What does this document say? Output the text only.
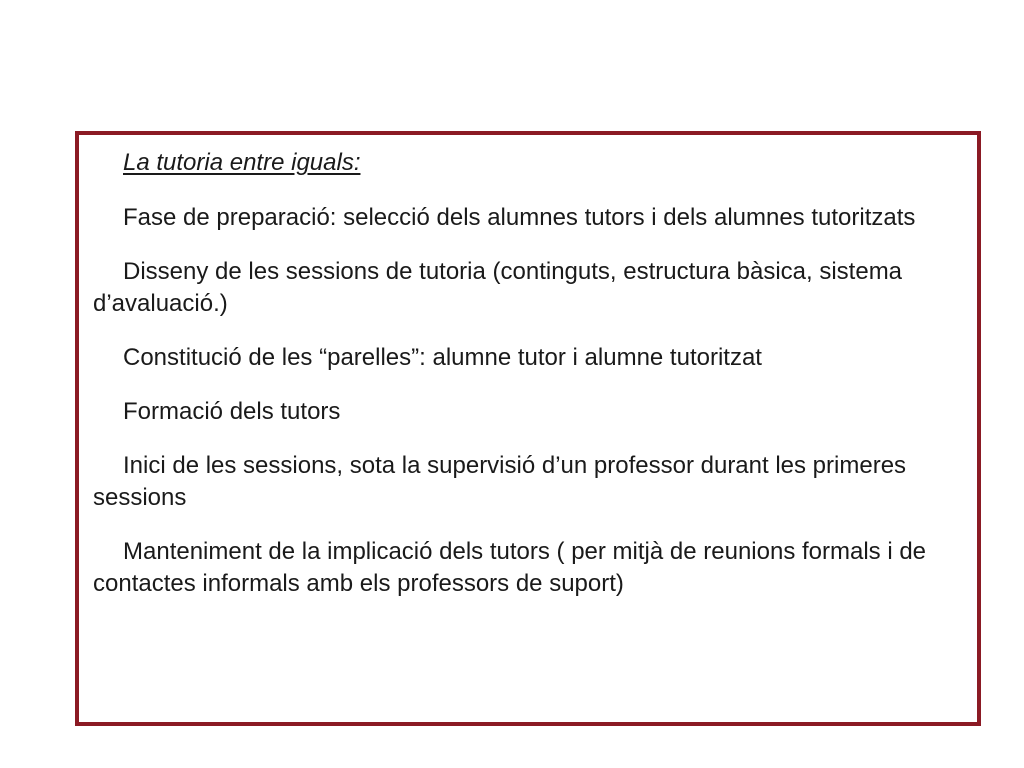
La tutoria entre iguals:

Fase de preparació: selecció dels alumnes tutors i dels alumnes tutoritzats

Disseny de les sessions de tutoria (continguts, estructura bàsica, sistema d’avaluació.)

Constitució de les “parelles”: alumne tutor i alumne tutoritzat

Formació dels tutors

Inici de les sessions, sota la supervisió d’un professor durant les primeres sessions

Manteniment de la implicació dels tutors ( per mitjà de reunions formals i de contactes informals amb els professors de suport)
